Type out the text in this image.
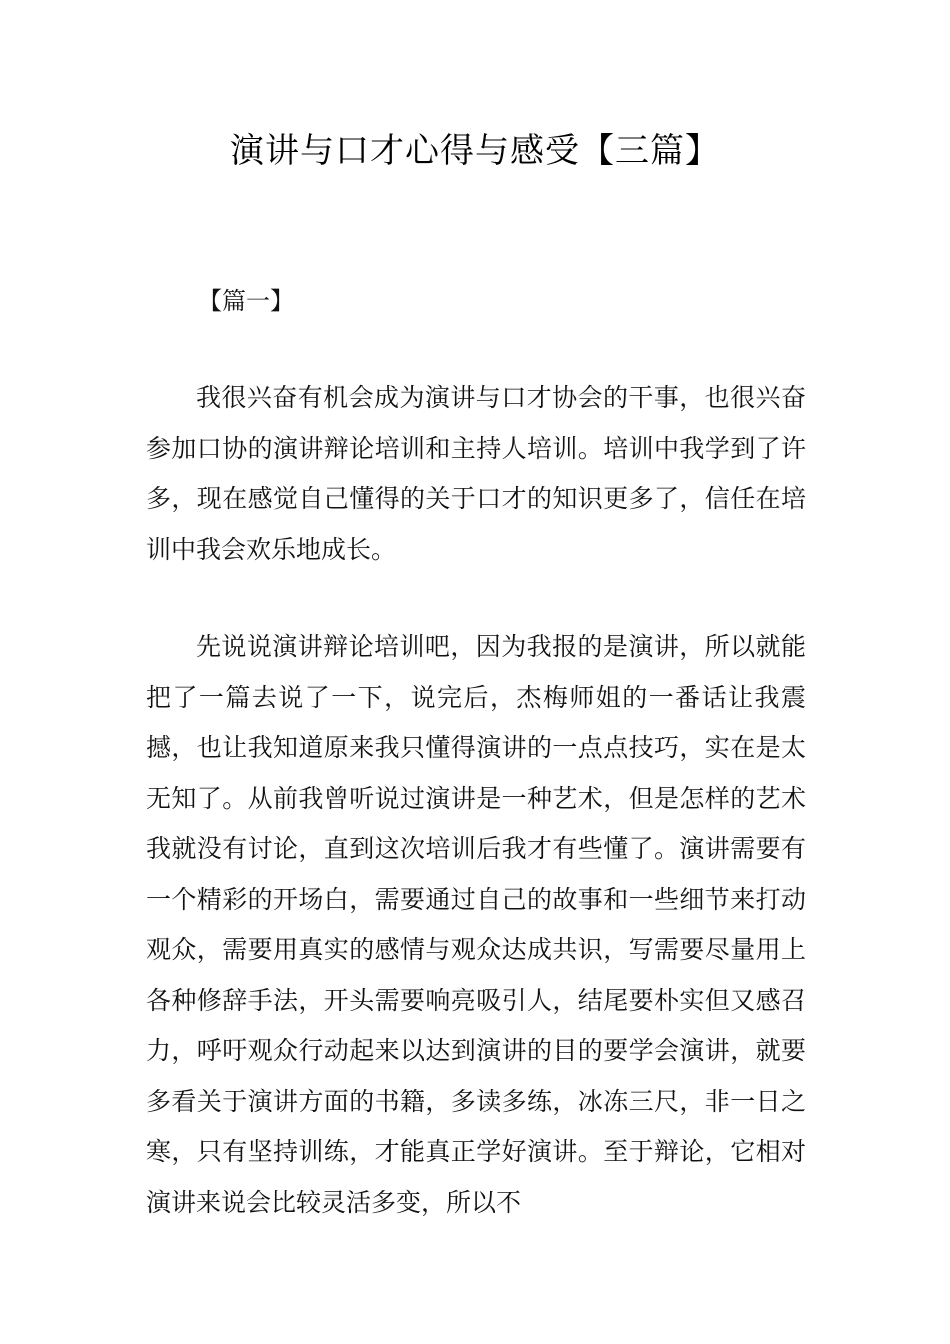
演讲与口才心得与感受【三篇】
【篇一】

我很兴奋有机会成为演讲与口才协会的干事，也很兴奋参加口协的演讲辩论培训和主持人培训。培训中我学到了许多，现在感觉自己懂得的关于口才的知识更多了，信任在培训中我会欢乐地成长。

先说说演讲辩论培训吧，因为我报的是演讲，所以就能把了一篇去说了一下，说完后，杰梅师姐的一番话让我震撼，也让我知道原来我只懂得演讲的一点点技巧，实在是太无知了。从前我曾听说过演讲是一种艺术，但是怎样的艺术我就没有讨论，直到这次培训后我才有些懂了。演讲需要有一个精彩的开场白，需要通过自己的故事和一些细节来打动观众，需要用真实的感情与观众达成共识，写需要尽量用上各种修辞手法，开头需要响亮吸引人，结尾要朴实但又感召力，呼吁观众行动起来以达到演讲的目的要学会演讲，就要多看关于演讲方面的书籍，多读多练，冰冻三尺，非一日之寒，只有坚持训练，才能真正学好演讲。至于辩论，它相对演讲来说会比较灵活多变，所以不
